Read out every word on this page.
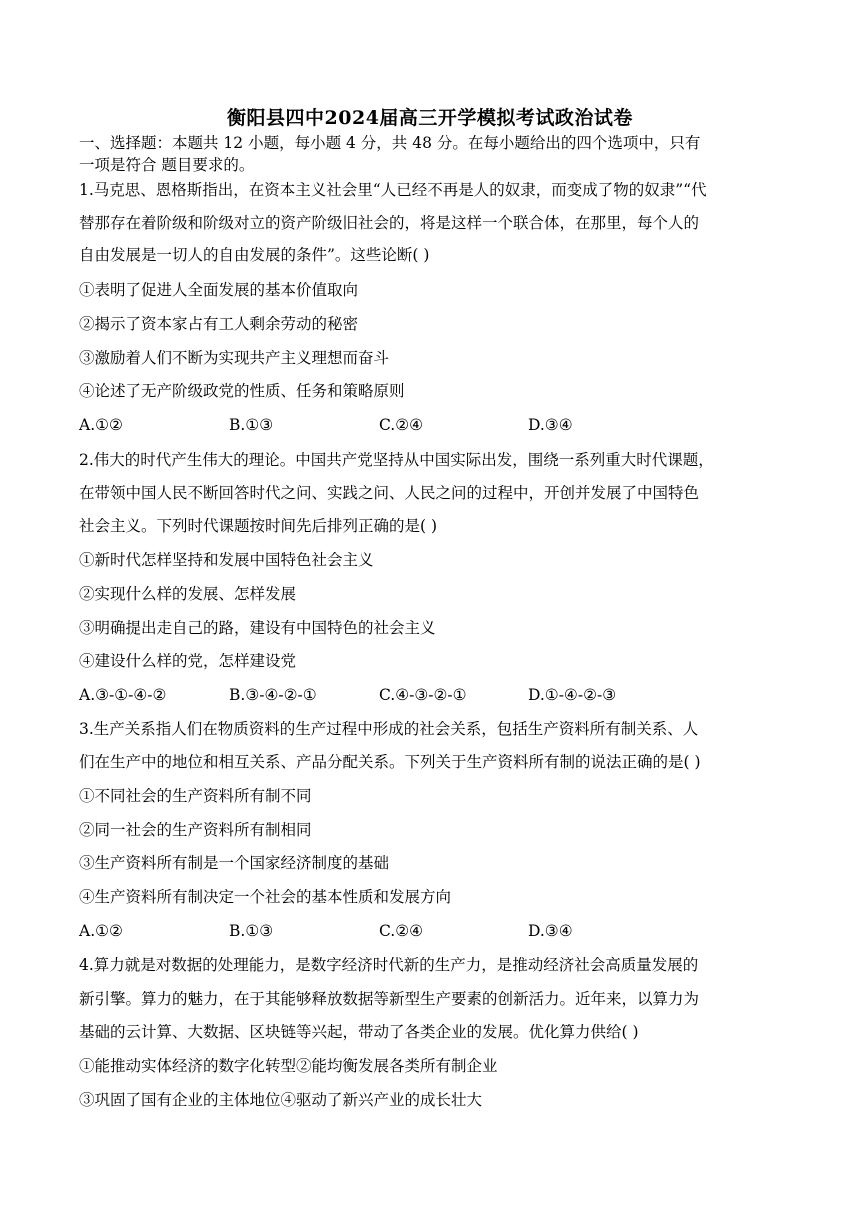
衡阳县四中2024届高三开学模拟考试政治试卷
一、选择题：本题共 12 小题，每小题 4 分，共 48 分。在每小题给出的四个选项中，只有
一项是符合 题目要求的。
1.马克思、恩格斯指出，在资本主义社会里“人已经不再是人的奴隶，而变成了物的奴隶”“代
替那存在着阶级和阶级对立的资产阶级旧社会的，将是这样一个联合体，在那里，每个人的
自由发展是一切人的自由发展的条件”。这些论断( )
①表明了促进人全面发展的基本价值取向
②揭示了资本家占有工人剩余劳动的秘密
③激励着人们不断为实现共产主义理想而奋斗
④论述了无产阶级政党的性质、任务和策略原则
A.①②	B.①③	C.②④	D.③④
2.伟大的时代产生伟大的理论。中国共产党坚持从中国实际出发，围绕一系列重大时代课题，
在带领中国人民不断回答时代之问、实践之问、人民之问的过程中，开创并发展了中国特色
社会主义。下列时代课题按时间先后排列正确的是( )
①新时代怎样坚持和发展中国特色社会主义
②实现什么样的发展、怎样发展
③明确提出走自己的路，建设有中国特色的社会主义
④建设什么样的党，怎样建设党
A.③-①-④-②	B.③-④-②-①	C.④-③-②-①	D.①-④-②-③
3.生产关系指人们在物质资料的生产过程中形成的社会关系，包括生产资料所有制关系、人
们在生产中的地位和相互关系、产品分配关系。下列关于生产资料所有制的说法正确的是( )
①不同社会的生产资料所有制不同
②同一社会的生产资料所有制相同
③生产资料所有制是一个国家经济制度的基础
④生产资料所有制决定一个社会的基本性质和发展方向
A.①②	B.①③	C.②④	D.③④
4.算力就是对数据的处理能力，是数字经济时代新的生产力，是推动经济社会高质量发展的
新引擎。算力的魅力，在于其能够释放数据等新型生产要素的创新活力。近年来，以算力为
基础的云计算、大数据、区块链等兴起，带动了各类企业的发展。优化算力供给( )
①能推动实体经济的数字化转型②能均衡发展各类所有制企业
③巩固了国有企业的主体地位④驱动了新兴产业的成长壮大
